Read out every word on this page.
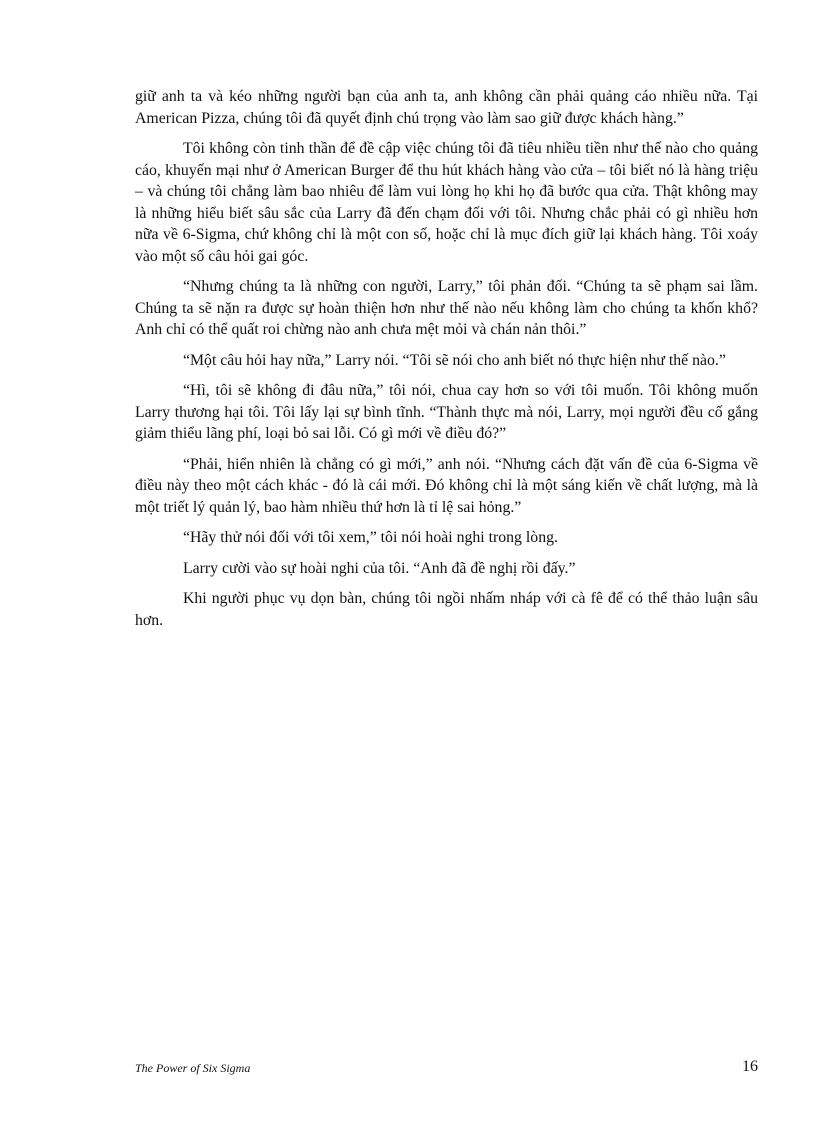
giữ anh ta và kéo những người bạn của anh ta, anh không cần phải quảng cáo nhiều nữa. Tại American Pizza, chúng tôi đã quyết định chú trọng vào làm sao giữ được khách hàng.”

Tôi không còn tinh thần để đề cập việc chúng tôi đã tiêu nhiều tiền như thế nào cho quảng cáo, khuyến mại như ở American Burger để thu hút khách hàng vào cửa – tôi biết nó là hàng triệu – và chúng tôi chẳng làm bao nhiêu để làm vui lòng họ khi họ đã bước qua cửa. Thật không may là những hiểu biết sâu sắc của Larry đã đến chạm đối với tôi. Nhưng chắc phải có gì nhiều hơn nữa về 6-Sigma, chứ không chỉ là một con số, hoặc chỉ là mục đích giữ lại khách hàng. Tôi xoáy vào một số câu hỏi gai góc.

“Nhưng chúng ta là những con người, Larry,” tôi phản đối. “Chúng ta sẽ phạm sai lầm. Chúng ta sẽ nặn ra được sự hoàn thiện hơn như thế nào nếu không làm cho chúng ta khốn khổ? Anh chỉ có thể quất roi chừng nào anh chưa mệt mỏi và chán nản thôi.”

“Một câu hỏi hay nữa,” Larry nói. “Tôi sẽ nói cho anh biết nó thực hiện như thế nào.”

“Hì, tôi sẽ không đi đâu nữa,” tôi nói, chua cay hơn so với tôi muốn. Tôi không muốn Larry thương hại tôi. Tôi lấy lại sự bình tĩnh. “Thành thực mà nói, Larry, mọi người đều cố gắng giảm thiểu lãng phí, loại bỏ sai lỗi. Có gì mới về điều đó?”

“Phải, hiển nhiên là chẳng có gì mới,” anh nói. “Nhưng cách đặt vấn đề của 6-Sigma về điều này theo một cách khác - đó là cái mới. Đó không chỉ là một sáng kiến về chất lượng, mà là một triết lý quản lý, bao hàm nhiều thứ hơn là tỉ lệ sai hỏng.”

“Hãy thử nói đối với tôi xem,” tôi nói hoài nghi trong lòng.

Larry cười vào sự hoài nghi của tôi. “Anh đã đề nghị rồi đấy.”

Khi người phục vụ dọn bàn, chúng tôi ngồi nhấm nháp với cà fê để có thể thảo luận sâu hơn.

The Power of Six Sigma	16
